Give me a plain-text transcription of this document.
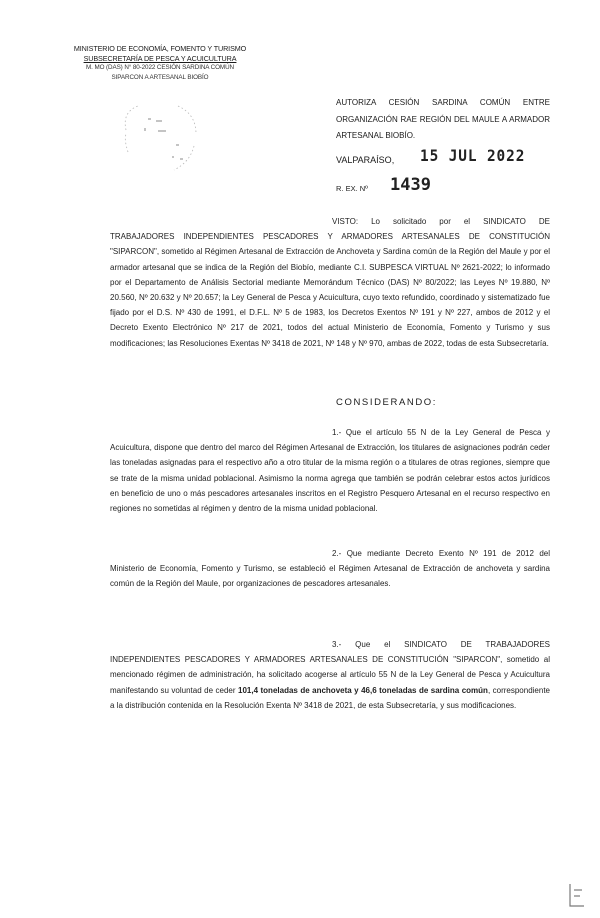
MINISTERIO DE ECONOMÍA, FOMENTO Y TURISMO
SUBSECRETARÍA DE PESCA Y ACUICULTURA
M. MO (DAS) N° 80-2022 CESIÓN SARDINA COMÚN
SIPARCON A ARTESANAL BIOBÍO
AUTORIZA CESIÓN SARDINA COMÚN ENTRE ORGANIZACIÓN RAE REGIÓN DEL MAULE A ARMADOR ARTESANAL BIOBÍO.
VALPARAÍSO, 15 JUL 2022
R. EX. Nº 1439
VISTO: Lo solicitado por el SINDICATO DE TRABAJADORES INDEPENDIENTES PESCADORES Y ARMADORES ARTESANALES DE CONSTITUCIÓN "SIPARCON", sometido al Régimen Artesanal de Extracción de Anchoveta y Sardina común de la Región del Maule y por el armador artesanal que se indica de la Región del Biobío, mediante C.I. SUBPESCA VIRTUAL Nº 2621-2022; lo informado por el Departamento de Análisis Sectorial mediante Memorándum Técnico (DAS) Nº 80/2022; las Leyes Nº 19.880, Nº 20.560, Nº 20.632 y Nº 20.657; la Ley General de Pesca y Acuicultura, cuyo texto refundido, coordinado y sistematizado fue fijado por el D.S. Nº 430 de 1991, el D.F.L. Nº 5 de 1983, los Decretos Exentos Nº 191 y Nº 227, ambos de 2012 y el Decreto Exento Electrónico Nº 217 de 2021, todos del actual Ministerio de Economía, Fomento y Turismo y sus modificaciones; las Resoluciones Exentas Nº 3418 de 2021, Nº 148 y Nº 970, ambas de 2022, todas de esta Subsecretaría.
CONSIDERANDO:
1.- Que el artículo 55 N de la Ley General de Pesca y Acuicultura, dispone que dentro del marco del Régimen Artesanal de Extracción, los titulares de asignaciones podrán ceder las toneladas asignadas para el respectivo año a otro titular de la misma región o a titulares de otras regiones, siempre que se trate de la misma unidad poblacional. Asimismo la norma agrega que también se podrán celebrar estos actos jurídicos en beneficio de uno o más pescadores artesanales inscritos en el Registro Pesquero Artesanal en el recurso respectivo en regiones no sometidas al régimen y dentro de la misma unidad poblacional.
2.- Que mediante Decreto Exento Nº 191 de 2012 del Ministerio de Economía, Fomento y Turismo, se estableció el Régimen Artesanal de Extracción de anchoveta y sardina común de la Región del Maule, por organizaciones de pescadores artesanales.
3.- Que el SINDICATO DE TRABAJADORES INDEPENDIENTES PESCADORES Y ARMADORES ARTESANALES DE CONSTITUCIÓN "SIPARCON", sometido al mencionado régimen de administración, ha solicitado acogerse al artículo 55 N de la Ley General de Pesca y Acuicultura manifestando su voluntad de ceder 101,4 toneladas de anchoveta y 46,6 toneladas de sardina común, correspondiente a la distribución contenida en la Resolución Exenta Nº 3418 de 2021, de esta Subsecretaría, y sus modificaciones.
